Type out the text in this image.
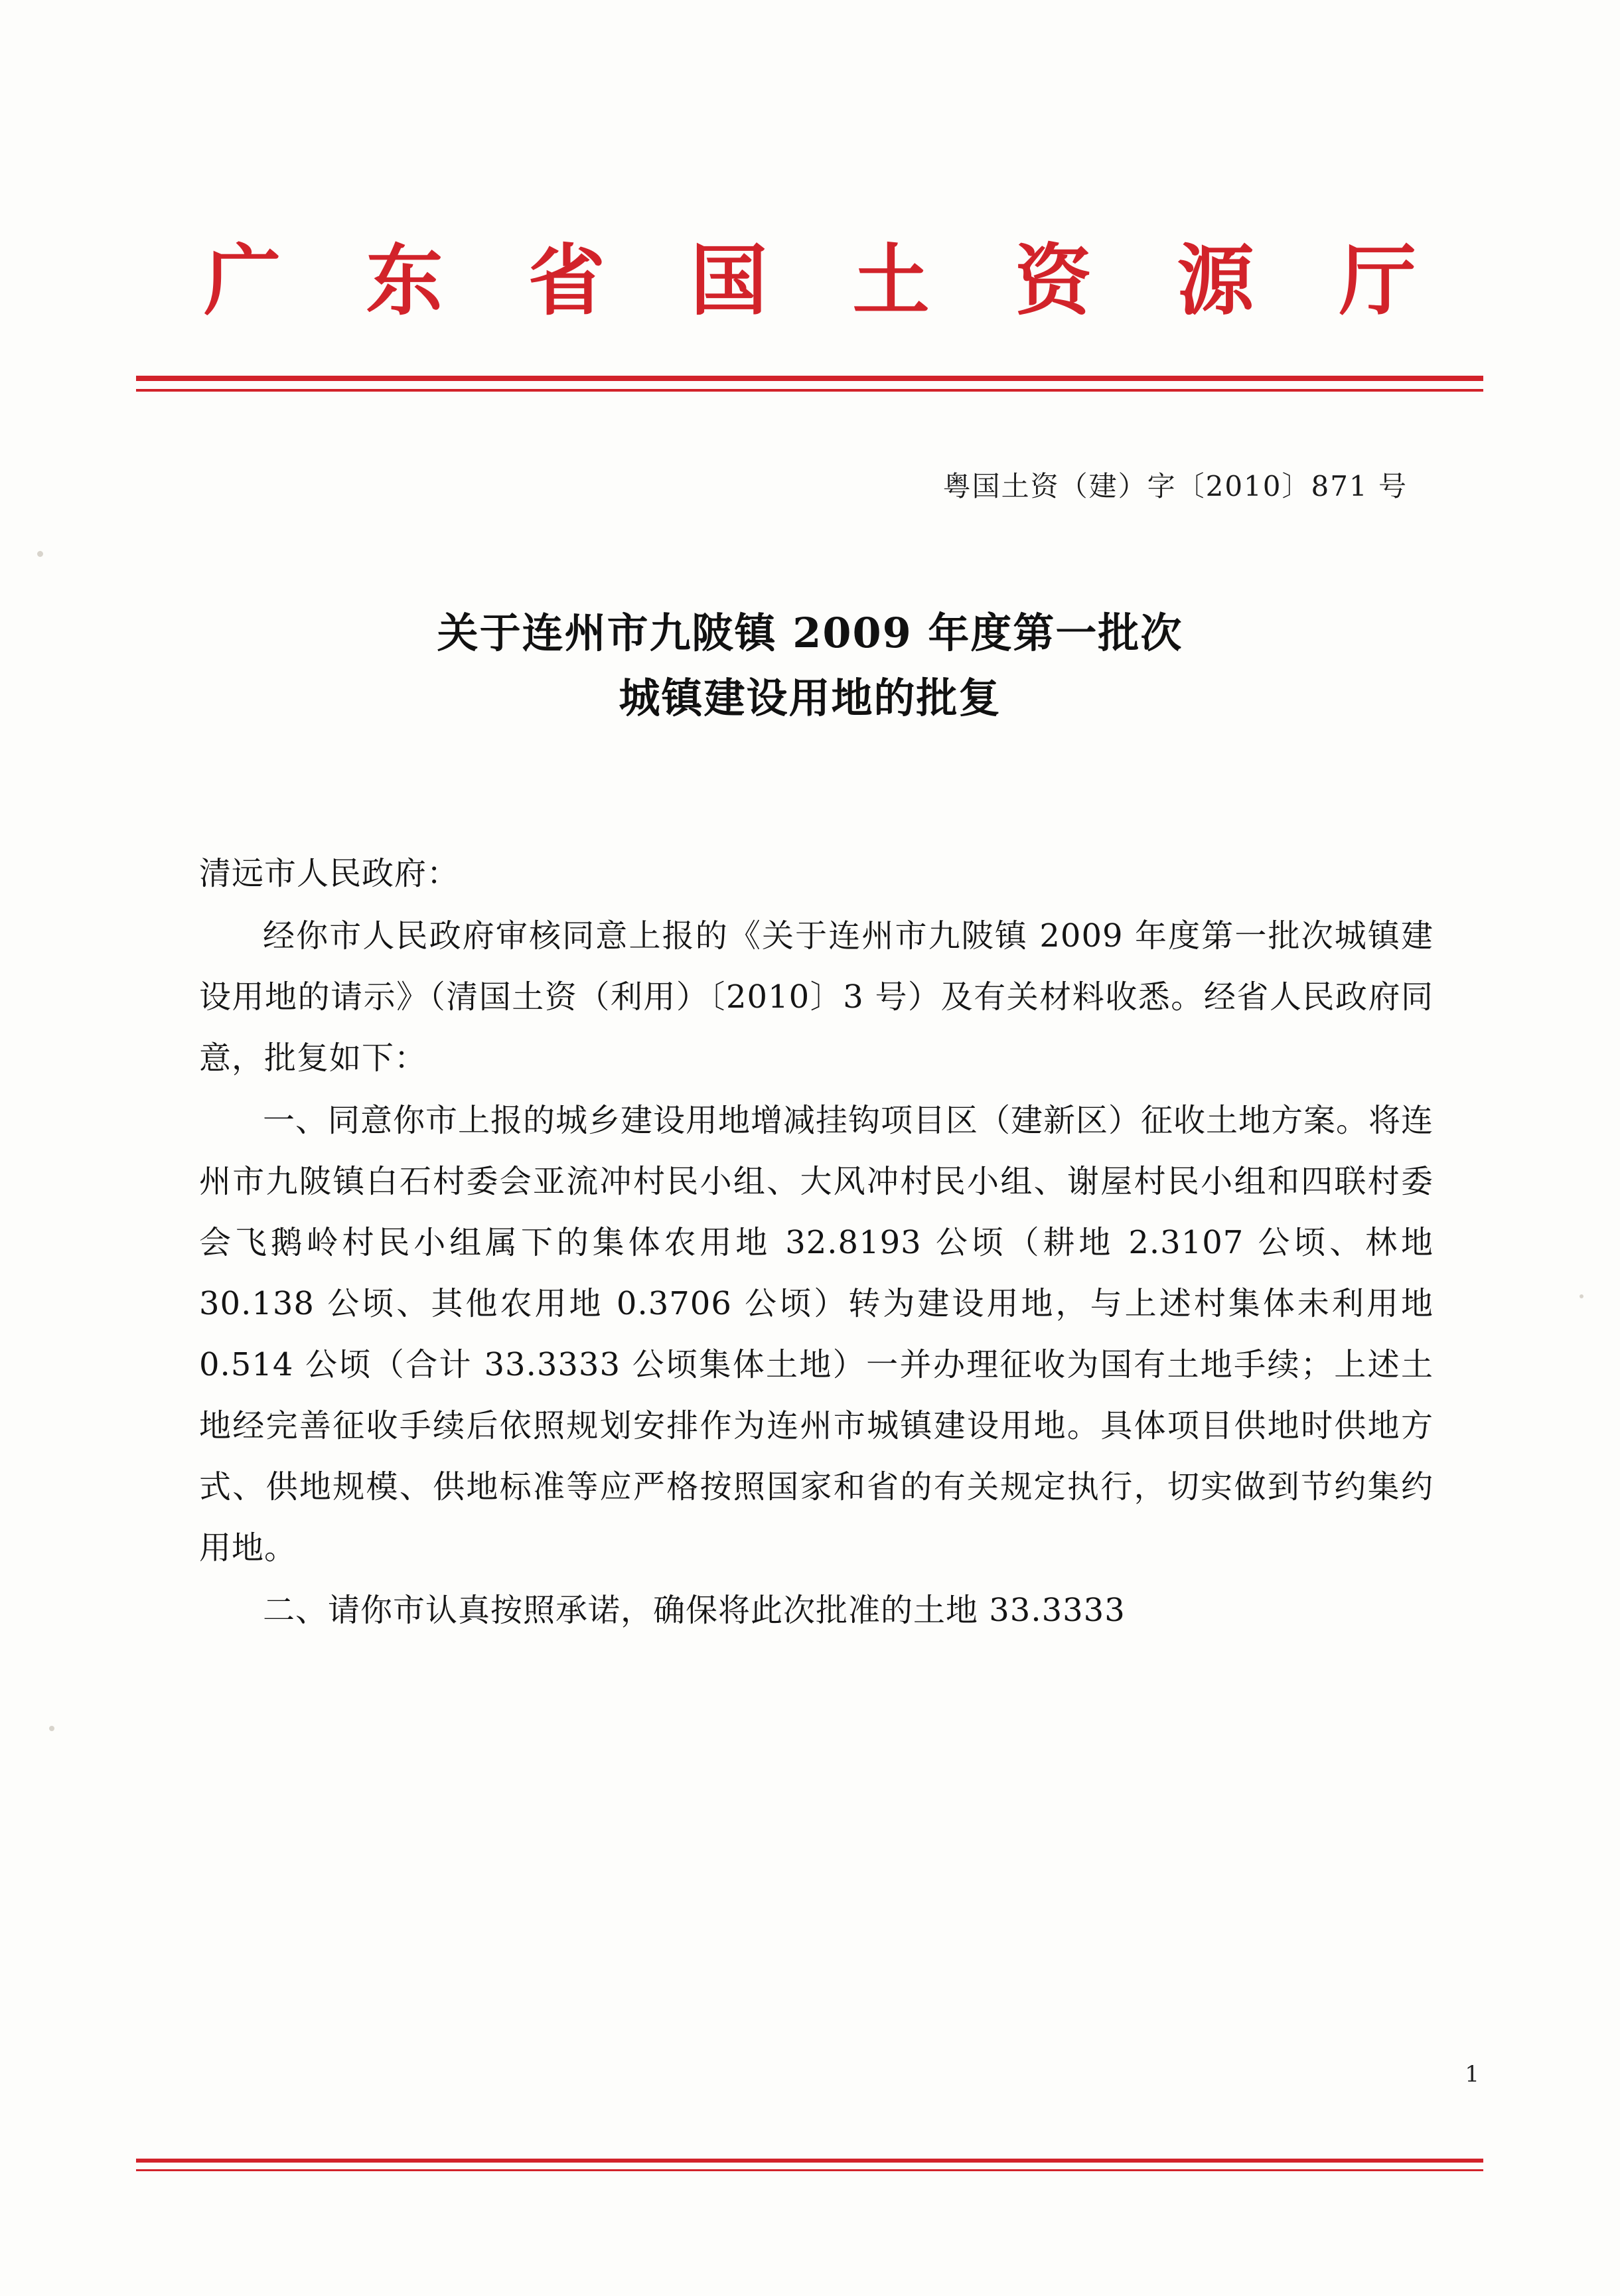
广 东 省 国 土 资 源 厅
粤国土资（建）字〔2010〕871 号
关于连州市九陂镇 2009 年度第一批次
城镇建设用地的批复

清远市人民政府：

经你市人民政府审核同意上报的《关于连州市九陂镇 2009 年度第一批次城镇建设用地的请示》（清国土资（利用）〔2010〕3 号）及有关材料收悉。经省人民政府同意，批复如下：

一、同意你市上报的城乡建设用地增减挂钩项目区（建新区）征收土地方案。将连州市九陂镇白石村委会亚流冲村民小组、大风冲村民小组、谢屋村民小组和四联村委会飞鹅岭村民小组属下的集体农用地 32.8193 公顷（耕地 2.3107 公顷、林地 30.138 公顷、其他农用地 0.3706 公顷）转为建设用地，与上述村集体未利用地 0.514 公顷（合计 33.3333 公顷集体土地）一并办理征收为国有土地手续；上述土地经完善征收手续后依照规划安排作为连州市城镇建设用地。具体项目供地时供地方式、供地规模、供地标准等应严格按照国家和省的有关规定执行，切实做到节约集约用地。

二、请你市认真按照承诺，确保将此次批准的土地 33.3333

1
